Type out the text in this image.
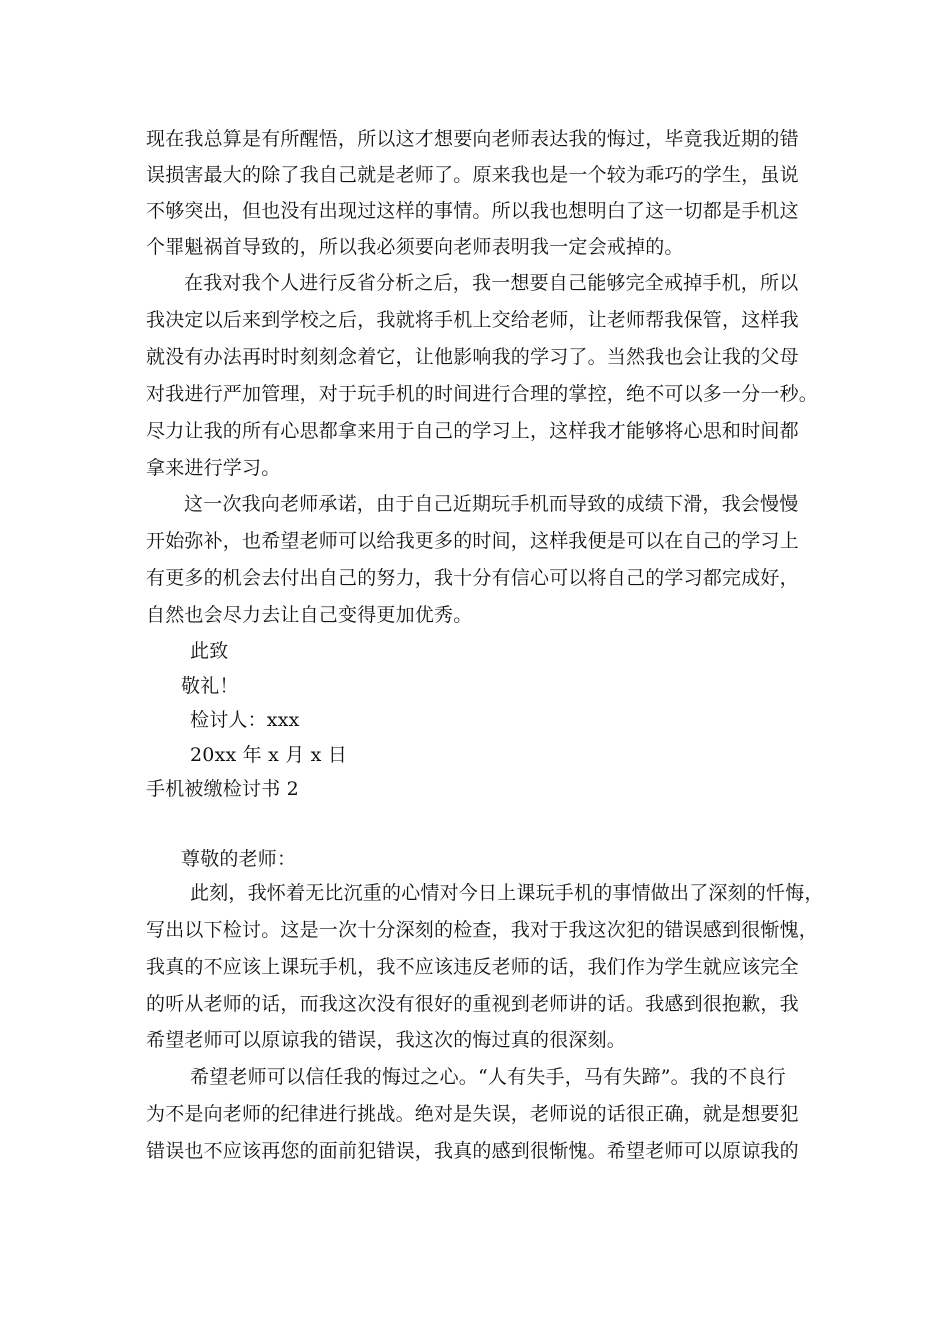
现在我总算是有所醒悟，所以这才想要向老师表达我的悔过，毕竟我近期的错
误损害最大的除了我自己就是老师了。原来我也是一个较为乖巧的学生，虽说
不够突出，但也没有出现过这样的事情。所以我也想明白了这一切都是手机这
个罪魁祸首导致的，所以我必须要向老师表明我一定会戒掉的。
在我对我个人进行反省分析之后，我一想要自己能够完全戒掉手机，所以
我决定以后来到学校之后，我就将手机上交给老师，让老师帮我保管，这样我
就没有办法再时时刻刻念着它，让他影响我的学习了。当然我也会让我的父母
对我进行严加管理，对于玩手机的时间进行合理的掌控，绝不可以多一分一秒。
尽力让我的所有心思都拿来用于自己的学习上，这样我才能够将心思和时间都
拿来进行学习。
这一次我向老师承诺，由于自己近期玩手机而导致的成绩下滑，我会慢慢
开始弥补，也希望老师可以给我更多的时间，这样我便是可以在自己的学习上
有更多的机会去付出自己的努力，我十分有信心可以将自己的学习都完成好，
自然也会尽力去让自己变得更加优秀。
此致
敬礼！
检讨人：xxx
20xx 年 x 月 x 日
手机被缴检讨书 2
尊敬的老师：
此刻，我怀着无比沉重的心情对今日上课玩手机的事情做出了深刻的忏悔，
写出以下检讨。这是一次十分深刻的检查，我对于我这次犯的错误感到很惭愧，
我真的不应该上课玩手机，我不应该违反老师的话，我们作为学生就应该完全
的听从老师的话，而我这次没有很好的重视到老师讲的话。我感到很抱歉，我
希望老师可以原谅我的错误，我这次的悔过真的很深刻。
希望老师可以信任我的悔过之心。“人有失手，马有失蹄”。我的不良行
为不是向老师的纪律进行挑战。绝对是失误，老师说的话很正确，就是想要犯
错误也不应该再您的面前犯错误，我真的感到很惭愧。希望老师可以原谅我的
